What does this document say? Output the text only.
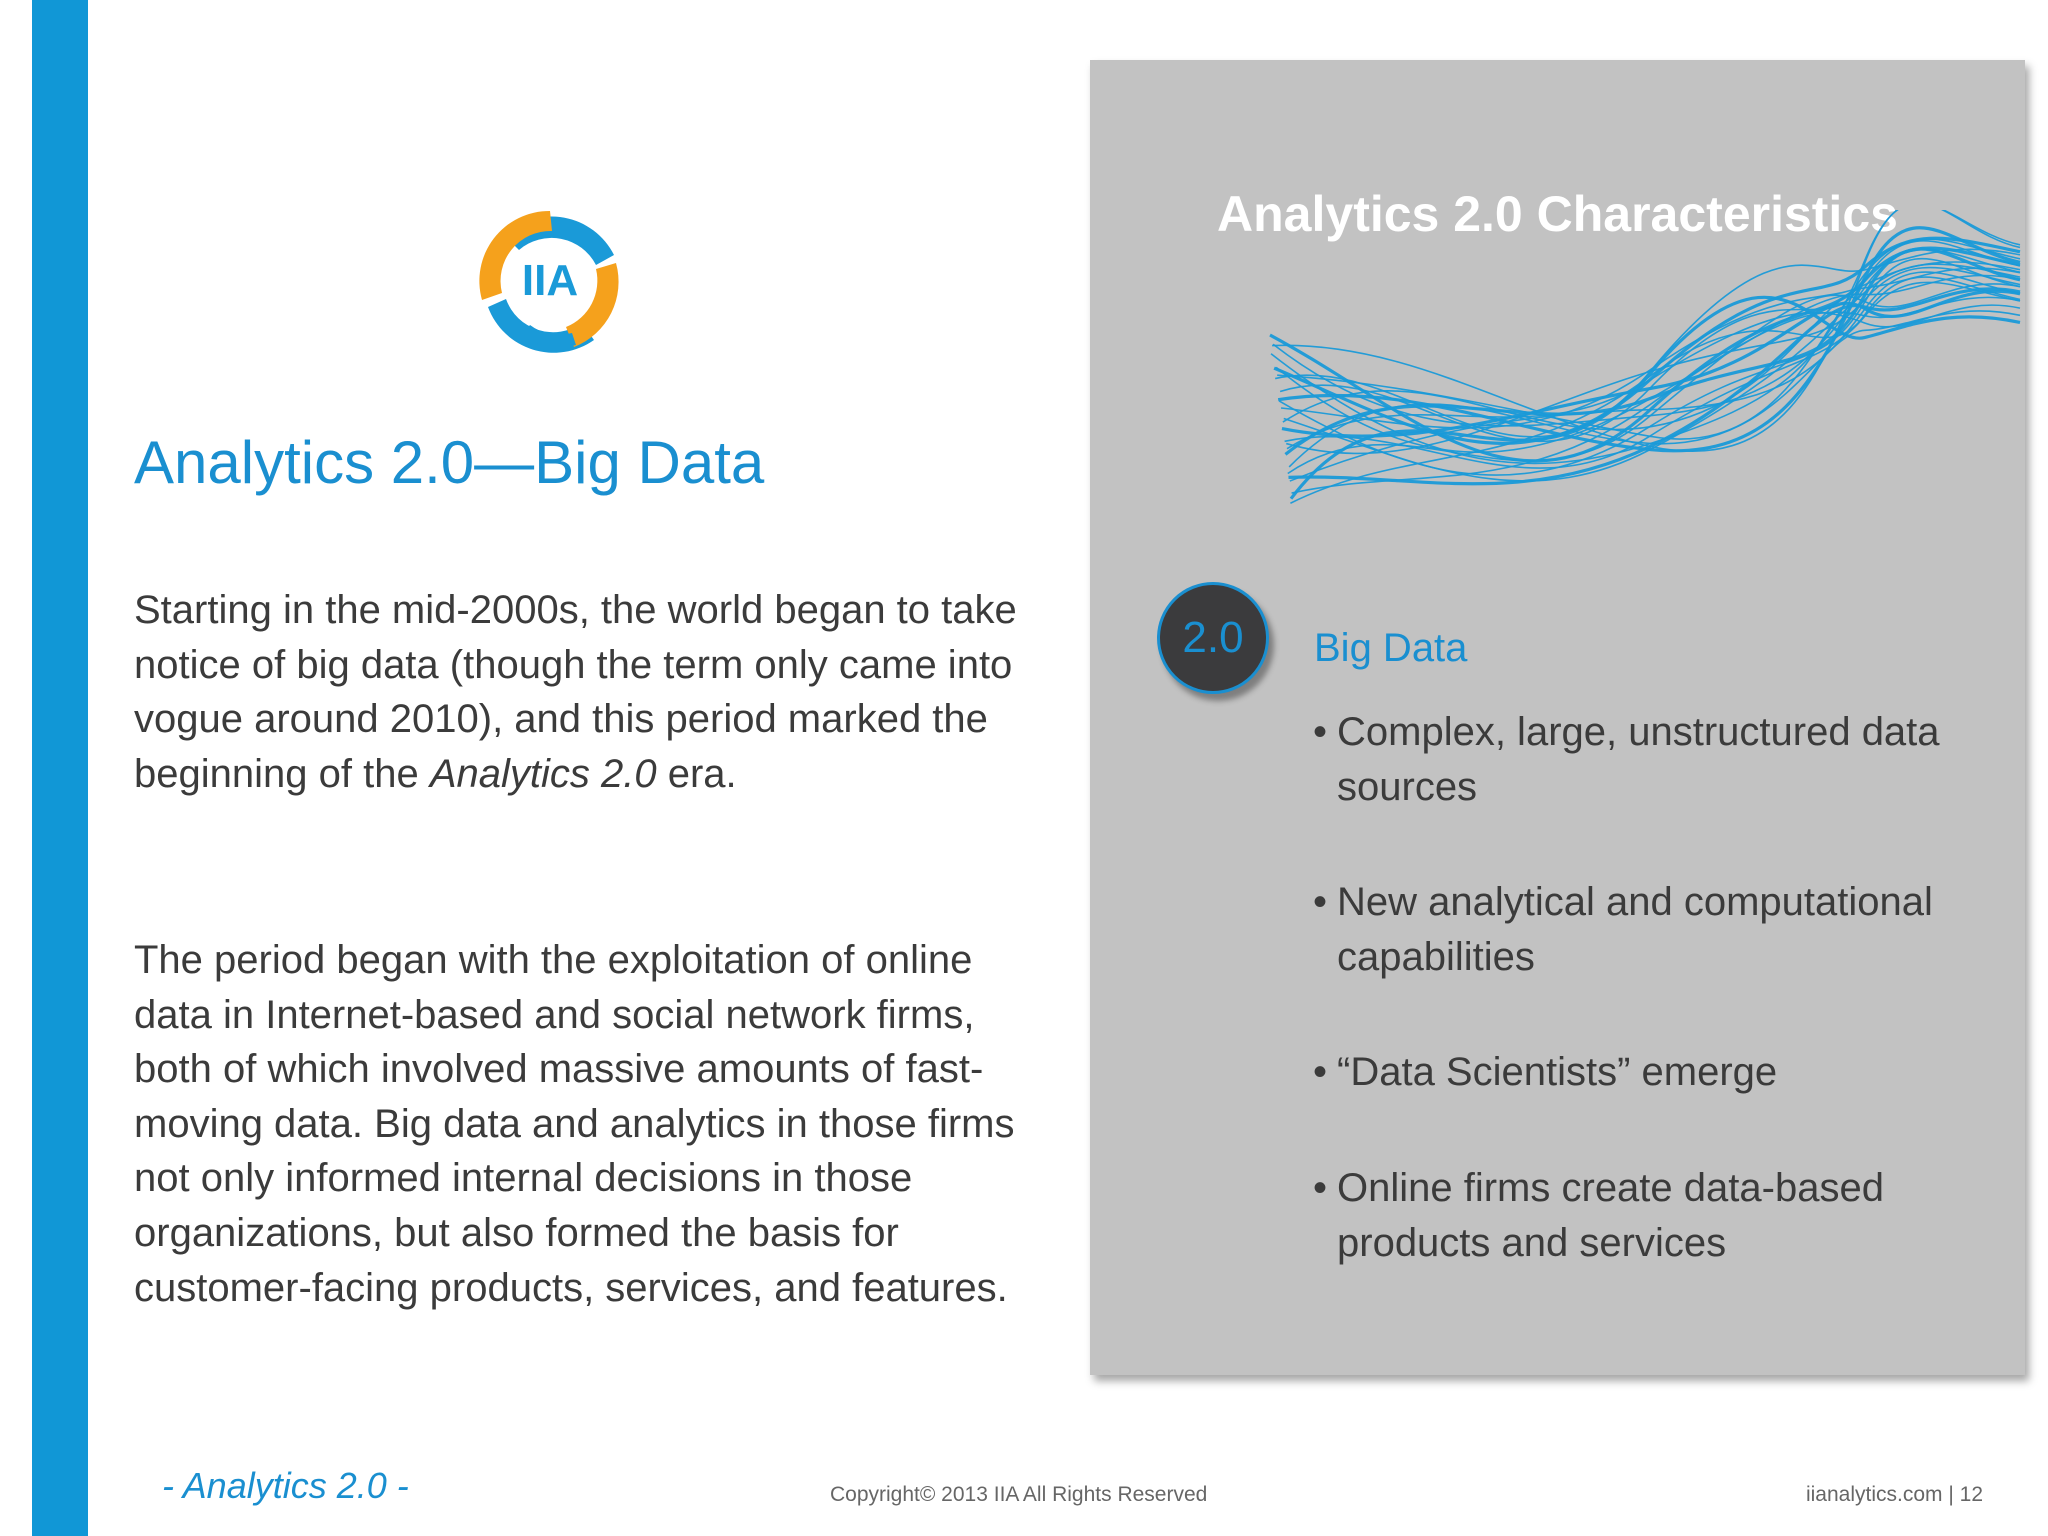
IIA
Analytics 2.0—Big Data

Starting in the mid-2000s, the world began to take notice of big data (though the term only came into vogue around 2010), and this period marked the beginning of the Analytics 2.0 era.

The period began with the exploitation of online data in Internet-based and social network firms, both of which involved massive amounts of fast-moving data. Big data and analytics in those firms not only informed internal decisions in those organizations, but also formed the basis for customer-facing products, services, and features.

Analytics 2.0 Characteristics
2.0	Big Data
• Complex, large, unstructured data sources
• New analytical and computational capabilities
• “Data Scientists” emerge
• Online firms create data-based products and services
- Analytics 2.0 -	Copyright© 2013 IIA All Rights Reserved	iianalytics.com | 12
